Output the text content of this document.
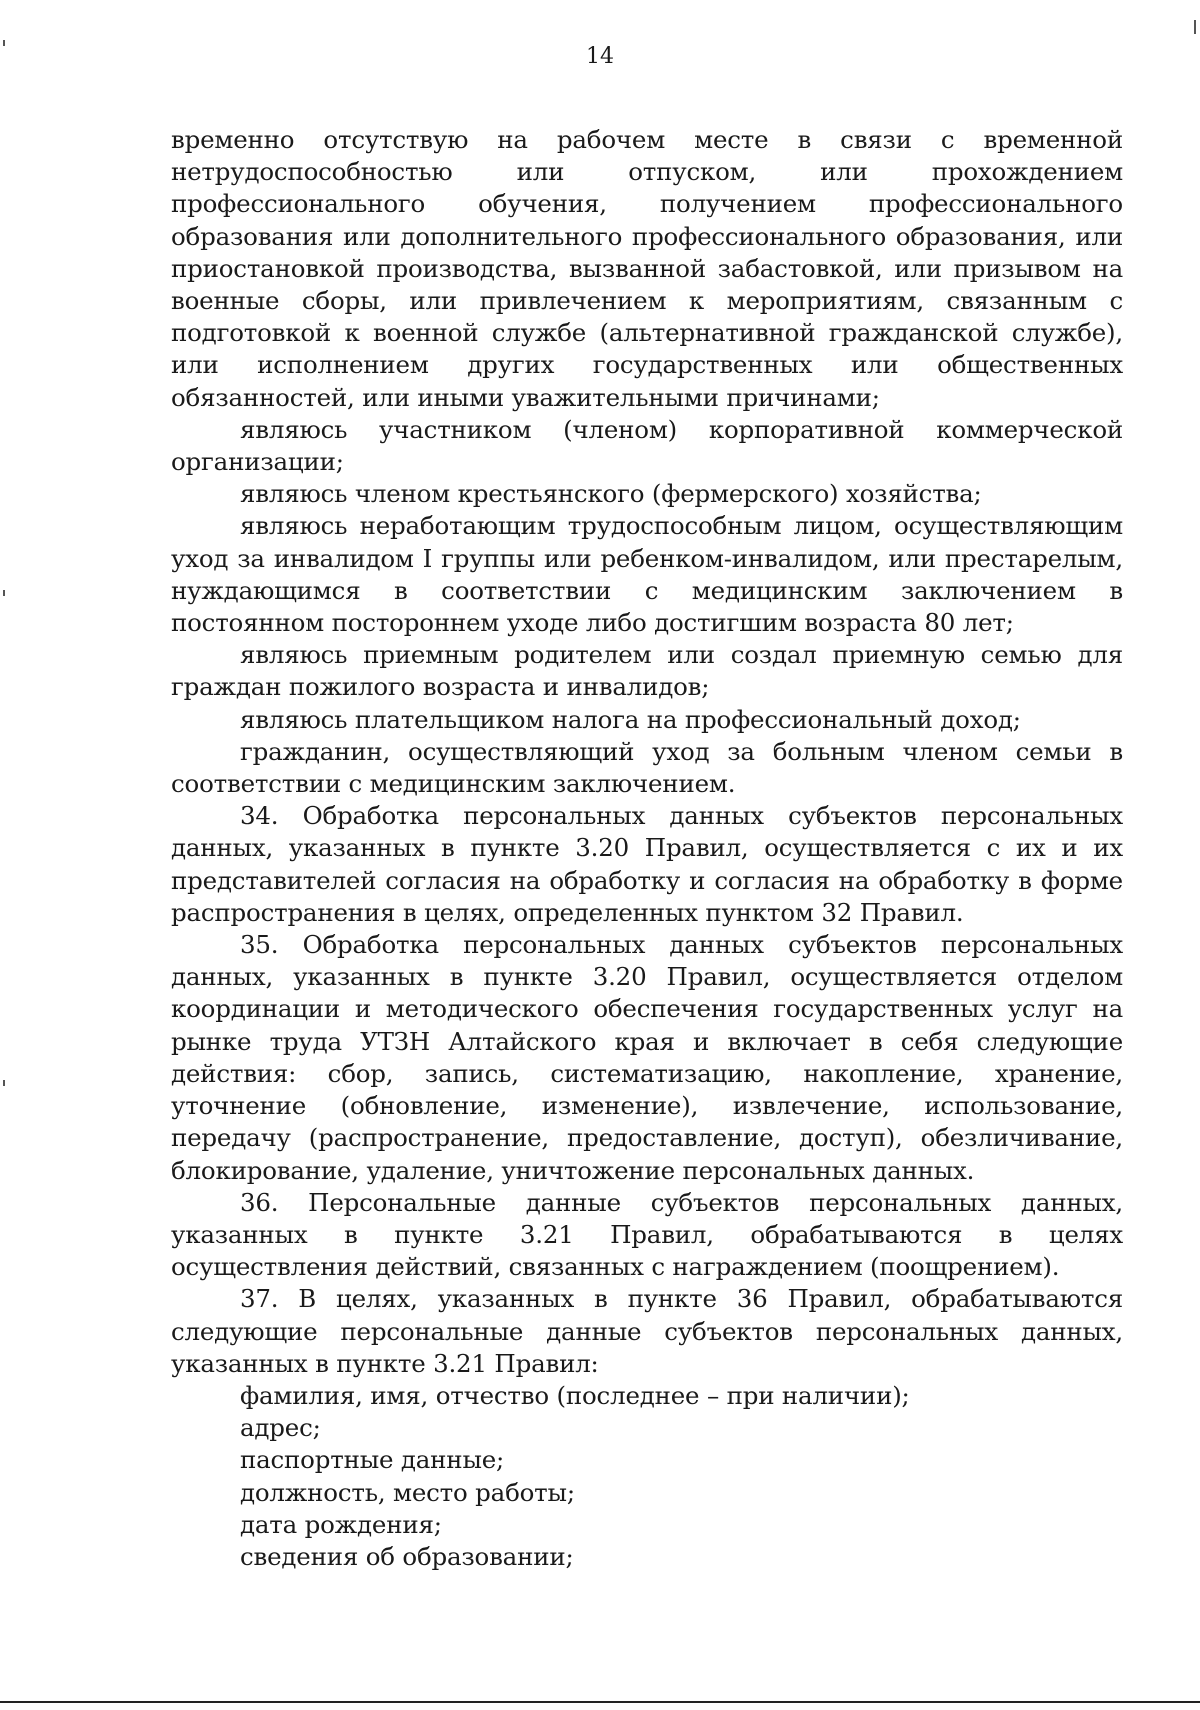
14

временно отсутствую на рабочем месте в связи с временной нетрудоспособностью или отпуском, или прохождением профессионального обучения, получением профессионального образования или дополнительного профессионального образования, или приостановкой производства, вызванной забастовкой, или призывом на военные сборы, или привлечением к мероприятиям, связанным с подготовкой к военной службе (альтернативной гражданской службе), или исполнением других государственных или общественных обязанностей, или иными уважительными причинами;

являюсь участником (членом) корпоративной коммерческой организации;

являюсь членом крестьянского (фермерского) хозяйства;

являюсь неработающим трудоспособным лицом, осуществляющим уход за инвалидом I группы или ребенком-инвалидом, или престарелым, нуждающимся в соответствии с медицинским заключением в постоянном постороннем уходе либо достигшим возраста 80 лет;

являюсь приемным родителем или создал приемную семью для граждан пожилого возраста и инвалидов;

являюсь плательщиком налога на профессиональный доход;

гражданин, осуществляющий уход за больным членом семьи в соответствии с медицинским заключением.

34. Обработка персональных данных субъектов персональных данных, указанных в пункте 3.20 Правил, осуществляется с их и их представителей согласия на обработку и согласия на обработку в форме распространения в целях, определенных пунктом 32 Правил.

35. Обработка персональных данных субъектов персональных данных, указанных в пункте 3.20 Правил, осуществляется отделом координации и методического обеспечения государственных услуг на рынке труда УТЗН Алтайского края и включает в себя следующие действия: сбор, запись, систематизацию, накопление, хранение, уточнение (обновление, изменение), извлечение, использование, передачу (распространение, предоставление, доступ), обезличивание, блокирование, удаление, уничтожение персональных данных.

36. Персональные данные субъектов персональных данных, указанных в пункте 3.21 Правил, обрабатываются в целях осуществления действий, связанных с награждением (поощрением).

37. В целях, указанных в пункте 36 Правил, обрабатываются следующие персональные данные субъектов персональных данных, указанных в пункте 3.21 Правил:

фамилия, имя, отчество (последнее – при наличии);

адрес;

паспортные данные;

должность, место работы;

дата рождения;

сведения об образовании;
